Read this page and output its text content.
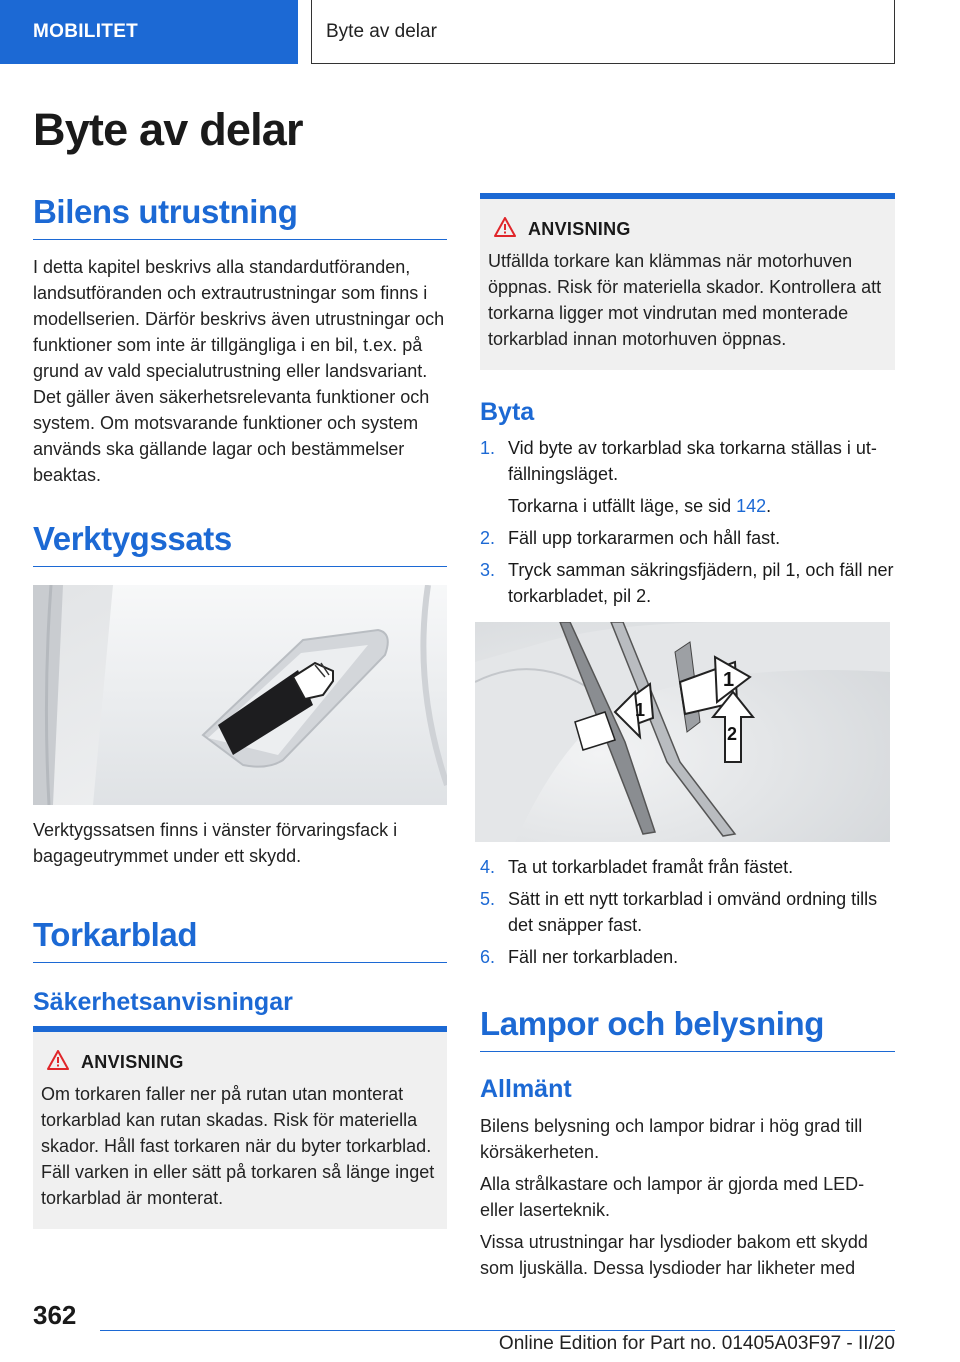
MOBILITET	Byte av delar
Byte av delar
Bilens utrustning

I detta kapitel beskrivs alla standardutföranden, landsutföranden och extrautrustningar som finns i modellserien. Därför beskrivs även utrustningar och funktioner som inte är tillgängliga i en bil, t.ex. på grund av vald specialutrustning eller landsvariant. Det gäller även säkerhetsrelevanta funktioner och system. Om motsvarande funktioner och system används ska gällande lagar och bestämmelser beaktas.

Verktygssats

Verktygssatsen finns i vänster förvaringsfack i bagageutrymmet under ett skydd.

Torkarblad
Säkerhetsanvisningar
ANVISNING
Om torkaren faller ner på rutan utan monterat torkarblad kan rutan skadas. Risk för materiella skador. Håll fast torkaren när du byter torkarblad. Fäll varken in eller sätt på torkaren så länge inget torkarblad är monterat.
ANVISNING
Utfällda torkare kan klämmas när motorhuven öppnas. Risk för materiella skador. Kontrollera att torkarna ligger mot vindrutan med monterade torkarblad innan motorhuven öppnas.
Byta
1. Vid byte av torkarblad ska torkarna ställas i utfällningsläget.
Torkarna i utfällt läge, se sid 142.
2. Fäll upp torkararmen och håll fast.
3. Tryck samman säkringsfjädern, pil 1, och fäll ner torkarbladet, pil 2.
1
1
2
4. Ta ut torkarbladet framåt från fästet.
5. Sätt in ett nytt torkarblad i omvänd ordning tills det snäpper fast.
6. Fäll ner torkarbladen.
Lampor och belysning
Allmänt

Bilens belysning och lampor bidrar i hög grad till körsäkerheten.

Alla strålkastare och lampor är gjorda med LED- eller laserteknik.

Vissa utrustningar har lysdioder bakom ett skydd som ljuskälla. Dessa lysdioder har likheter med

362
Online Edition for Part no. 01405A03F97 - II/20
